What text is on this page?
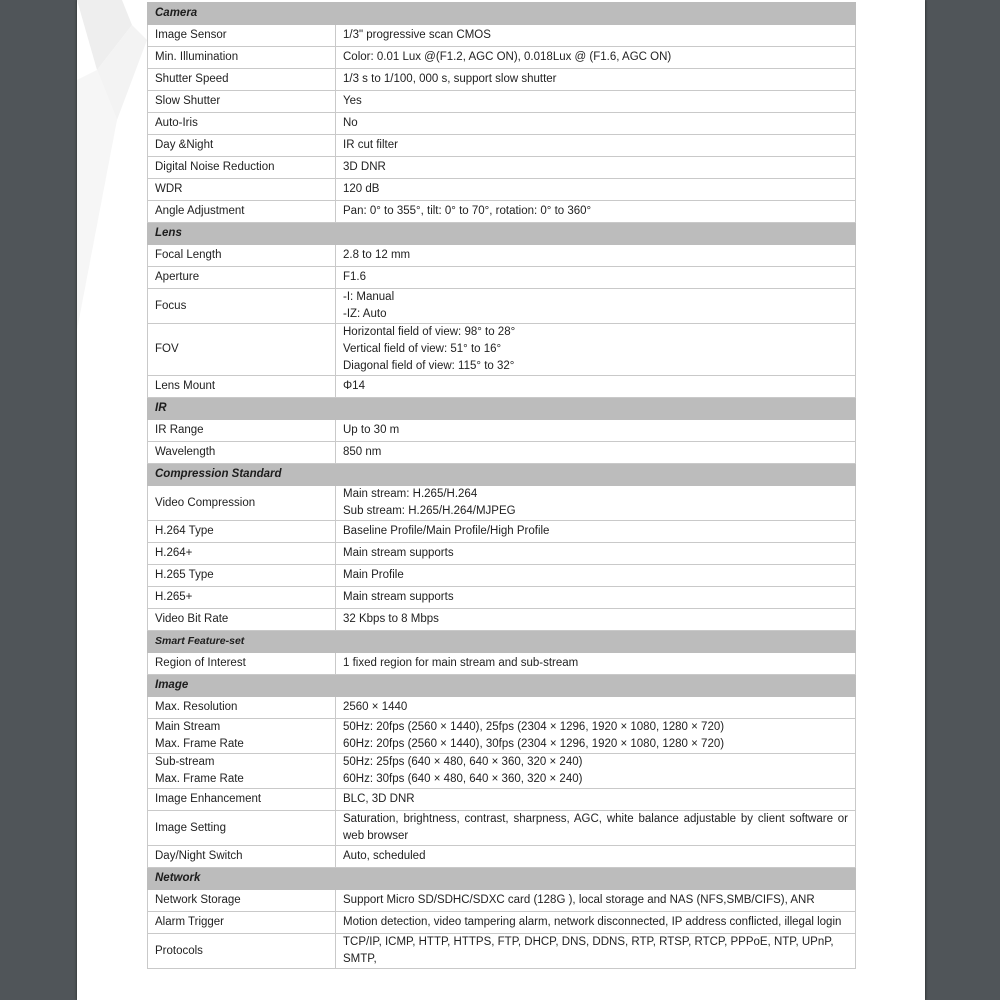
Camera	

Image Sensor	1/3" progressive scan CMOS

Min. Illumination	Color: 0.01 Lux @(F1.2, AGC ON), 0.018Lux @ (F1.6, AGC ON)

Shutter Speed	1/3 s to 1/100, 000 s, support slow shutter

Slow Shutter	Yes

Auto-Iris	No

Day &Night	IR cut filter

Digital Noise Reduction	3D DNR

WDR	120 dB

Angle Adjustment	Pan: 0° to 355°, tilt: 0° to 70°, rotation: 0° to 360°

Lens	

Focal Length	2.8 to 12 mm

Aperture	F1.6

Focus	-I: Manual
-IZ: Auto

FOV	Horizontal field of view: 98° to 28°
Vertical field of view: 51° to 16°
Diagonal field of view: 115° to 32°

Lens Mount	Φ14

IR	

IR Range	Up to 30 m

Wavelength	850 nm

Compression Standard	

Video Compression	Main stream: H.265/H.264
Sub stream: H.265/H.264/MJPEG

H.264 Type	Baseline Profile/Main Profile/High Profile

H.264+	Main stream supports

H.265 Type	Main Profile

H.265+	Main stream supports

Video Bit Rate	32 Kbps to 8 Mbps

Smart Feature-set	

Region of Interest	1 fixed region for main stream and sub-stream

Image	

Max. Resolution	2560 × 1440

Main Stream
Max. Frame Rate	50Hz: 20fps (2560 × 1440), 25fps (2304 × 1296, 1920 × 1080, 1280 × 720)
60Hz: 20fps (2560 × 1440), 30fps (2304 × 1296, 1920 × 1080, 1280 × 720)

Sub-stream
Max. Frame Rate	50Hz: 25fps (640 × 480, 640 × 360, 320 × 240)
60Hz: 30fps (640 × 480, 640 × 360, 320 × 240)

Image Enhancement	BLC, 3D DNR

Image Setting	Saturation, brightness, contrast, sharpness, AGC, white balance adjustable by client software or web browser

Day/Night Switch	Auto, scheduled

Network	

Network Storage	Support Micro SD/SDHC/SDXC card (128G ), local storage and NAS (NFS,SMB/CIFS), ANR

Alarm Trigger	Motion detection, video tampering alarm, network disconnected, IP address conflicted, illegal login

Protocols	TCP/IP, ICMP, HTTP, HTTPS, FTP, DHCP, DNS, DDNS, RTP, RTSP, RTCP, PPPoE, NTP, UPnP, SMTP,
